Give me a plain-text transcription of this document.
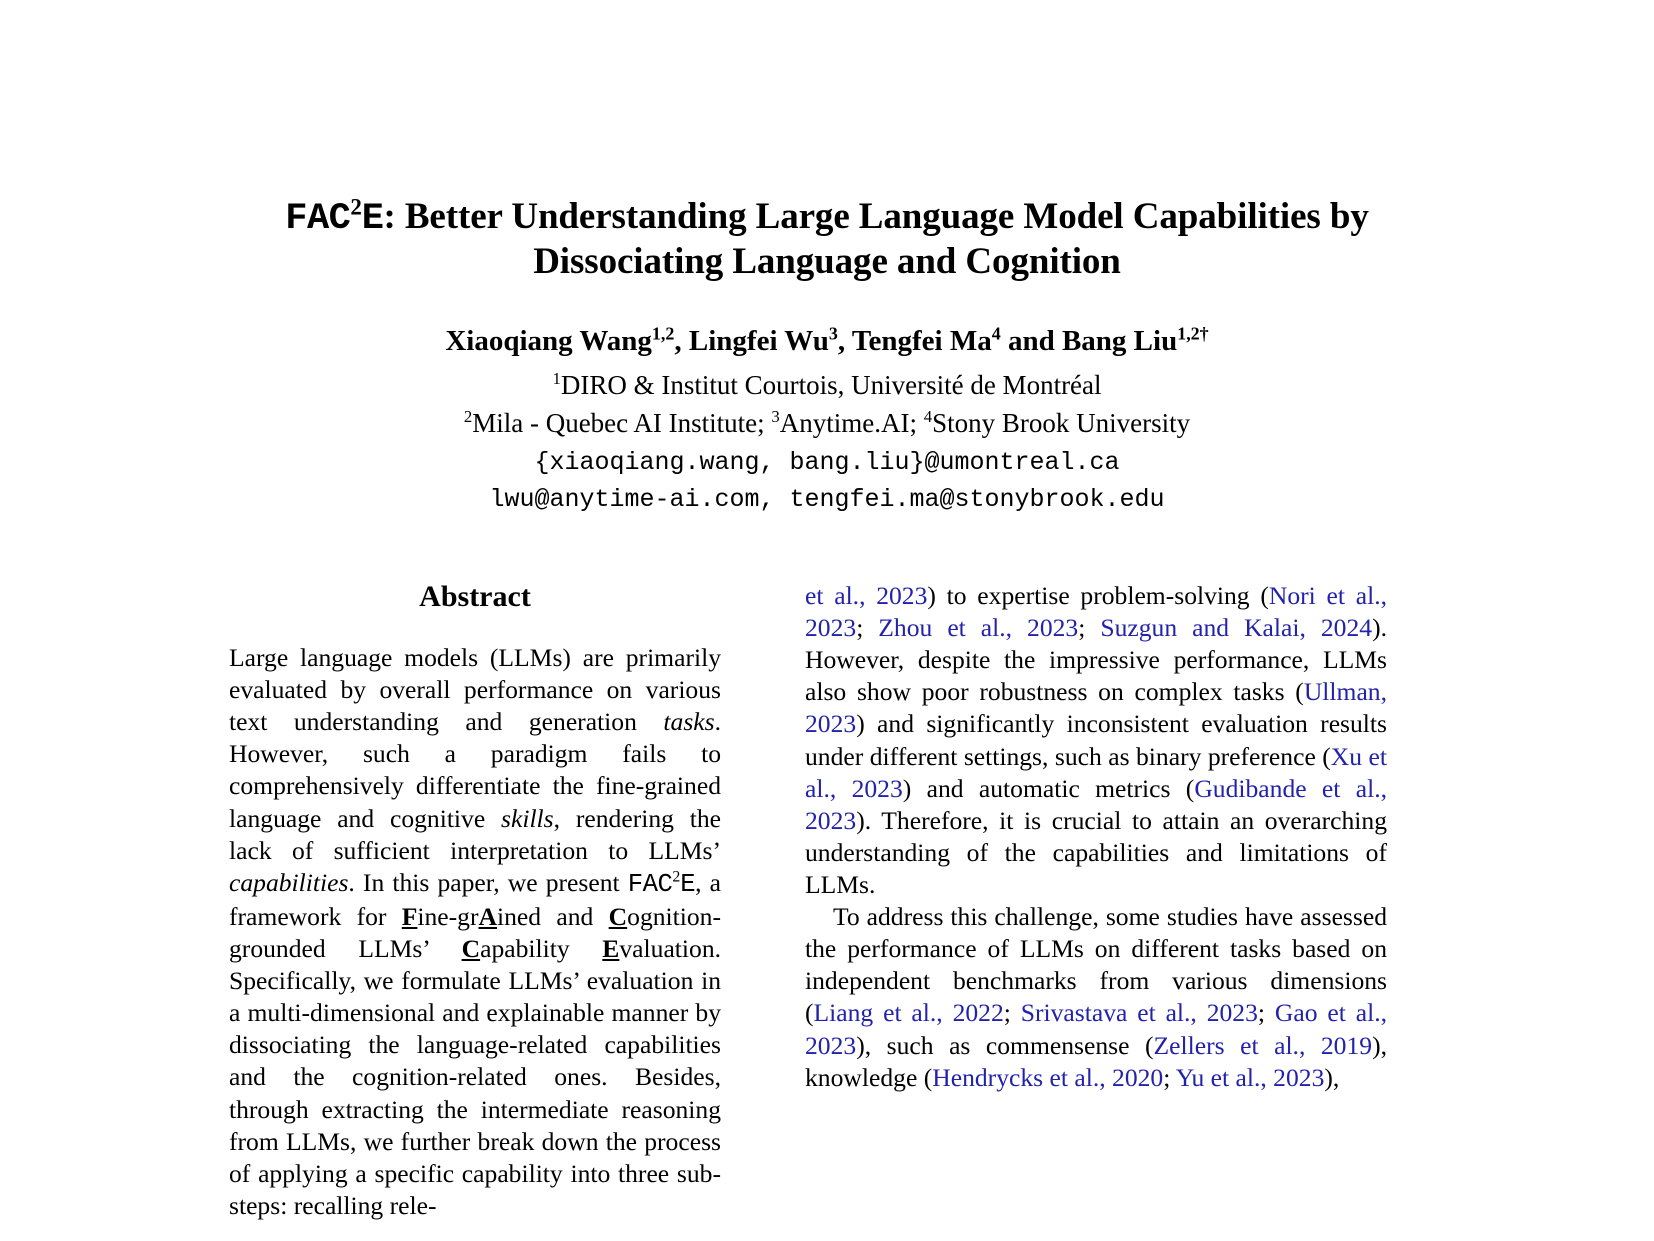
FAC$^2$E: Better Understanding Large Language Model Capabilities by
Dissociating Language and Cognition
Xiaoqiang Wang$^{1,2}$, Lingfei Wu$^3$, Tengfei Ma$^4$ and Bang Liu$^{1,2\dagger}$
$^1$DIRO & Institut Courtois, Université de Montréal
$^2$Mila - Quebec AI Institute; $^3$Anytime.AI; $^4$Stony Brook University
{xiaoqiang.wang, bang.liu}@umontreal.ca
lwu@anytime-ai.com, tengfei.ma@stonybrook.edu
Abstract

Large language models (LLMs) are primarily evaluated by overall performance on various text understanding and generation tasks. However, such a paradigm fails to comprehensively differentiate the fine-grained language and cognitive skills, rendering the lack of sufficient interpretation to LLMs’ capabilities. In this paper, we present FAC$^2$E, a framework for Fine-grAined and Cognition-grounded LLMs’ Capability Evaluation. Specifically, we formulate LLMs’ evaluation in a multi-dimensional and explainable manner by dissociating the language-related capabilities and the cognition-related ones. Besides, through extracting the intermediate reasoning from LLMs, we further break down the process of applying a specific capability into three sub-steps: recalling rele-

et al., 2023) to expertise problem-solving (Nori et al., 2023; Zhou et al., 2023; Suzgun and Kalai, 2024). However, despite the impressive performance, LLMs also show poor robustness on complex tasks (Ullman, 2023) and significantly inconsistent evaluation results under different settings, such as binary preference (Xu et al., 2023) and automatic metrics (Gudibande et al., 2023). Therefore, it is crucial to attain an overarching understanding of the capabilities and limitations of LLMs.

To address this challenge, some studies have assessed the performance of LLMs on different tasks based on independent benchmarks from various dimensions (Liang et al., 2022; Srivastava et al., 2023; Gao et al., 2023), such as commensense (Zellers et al., 2019), knowledge (Hendrycks et al., 2020; Yu et al., 2023),
